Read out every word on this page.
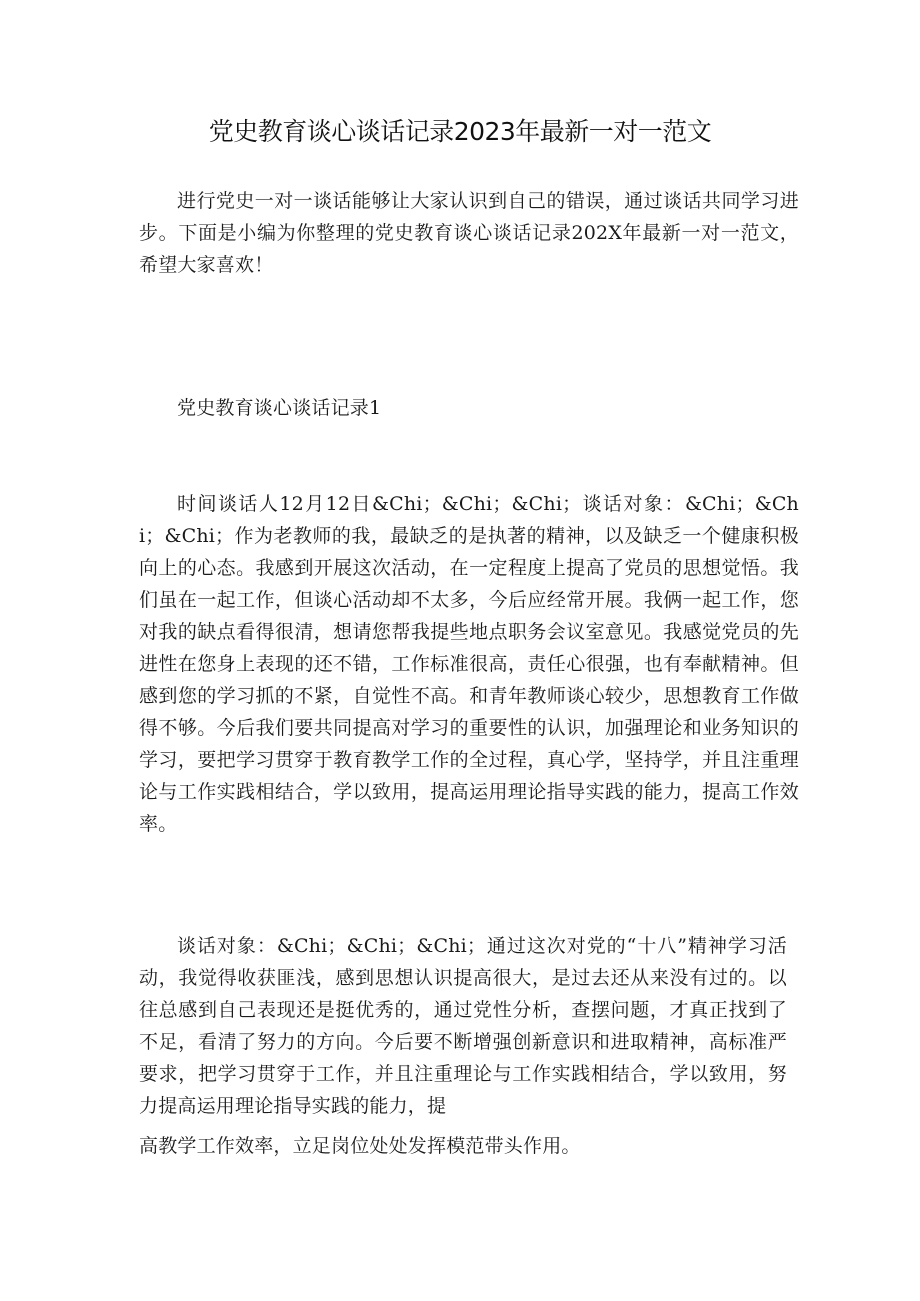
党史教育谈心谈话记录2023年最新一对一范文

进行党史一对一谈话能够让大家认识到自己的错误，通过谈话共同学习进步。下面是小编为你整理的党史教育谈心谈话记录202X年最新一对一范文，希望大家喜欢！

党史教育谈心谈话记录1

时间谈话人12月12日&Chi；&Chi；&Chi；谈话对象：&Chi；&Chi；&Chi；作为老教师的我，最缺乏的是执著的精神，以及缺乏一个健康积极向上的心态。我感到开展这次活动，在一定程度上提高了党员的思想觉悟。我们虽在一起工作，但谈心活动却不太多，今后应经常开展。我俩一起工作，您对我的缺点看得很清，想请您帮我提些地点职务会议室意见。我感觉党员的先进性在您身上表现的还不错，工作标准很高，责任心很强，也有奉献精神。但感到您的学习抓的不紧，自觉性不高。和青年教师谈心较少，思想教育工作做得不够。今后我们要共同提高对学习的重要性的认识，加强理论和业务知识的学习，要把学习贯穿于教育教学工作的全过程，真心学，坚持学，并且注重理论与工作实践相结合，学以致用，提高运用理论指导实践的能力，提高工作效率。

谈话对象：&Chi；&Chi；&Chi；通过这次对党的“十八”精神学习活动，我觉得收获匪浅，感到思想认识提高很大，是过去还从来没有过的。以往总感到自己表现还是挺优秀的，通过党性分析，查摆问题，才真正找到了不足，看清了努力的方向。今后要不断增强创新意识和进取精神，高标准严要求，把学习贯穿于工作，并且注重理论与工作实践相结合，学以致用，努力提高运用理论指导实践的能力，提

高教学工作效率，立足岗位处处发挥模范带头作用。
